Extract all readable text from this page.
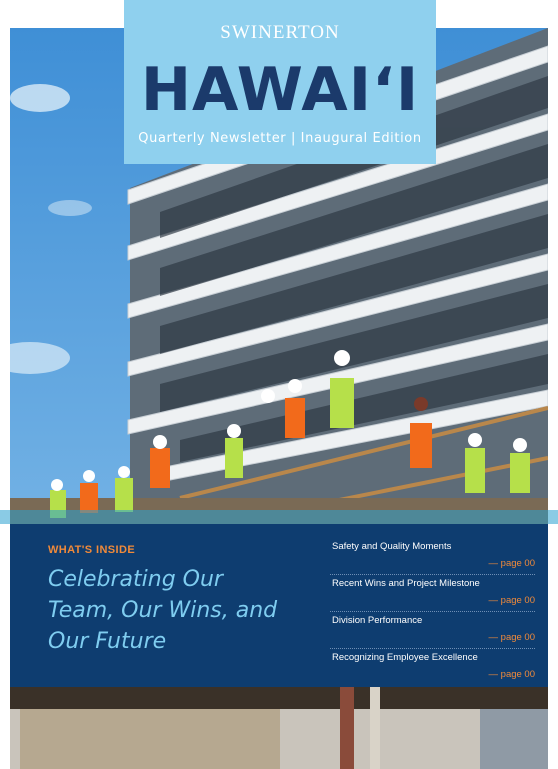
SWINERTON
HAWAIʻI
Quarterly Newsletter | Inaugural Edition
WHAT'S INSIDE
Celebrating Our Team, Our Wins, and Our Future
Safety and Quality Moments
— page 00
Recent Wins and Project Milestone
— page 00
Division Performance
— page 00
Recognizing Employee Excellence
— page 00
